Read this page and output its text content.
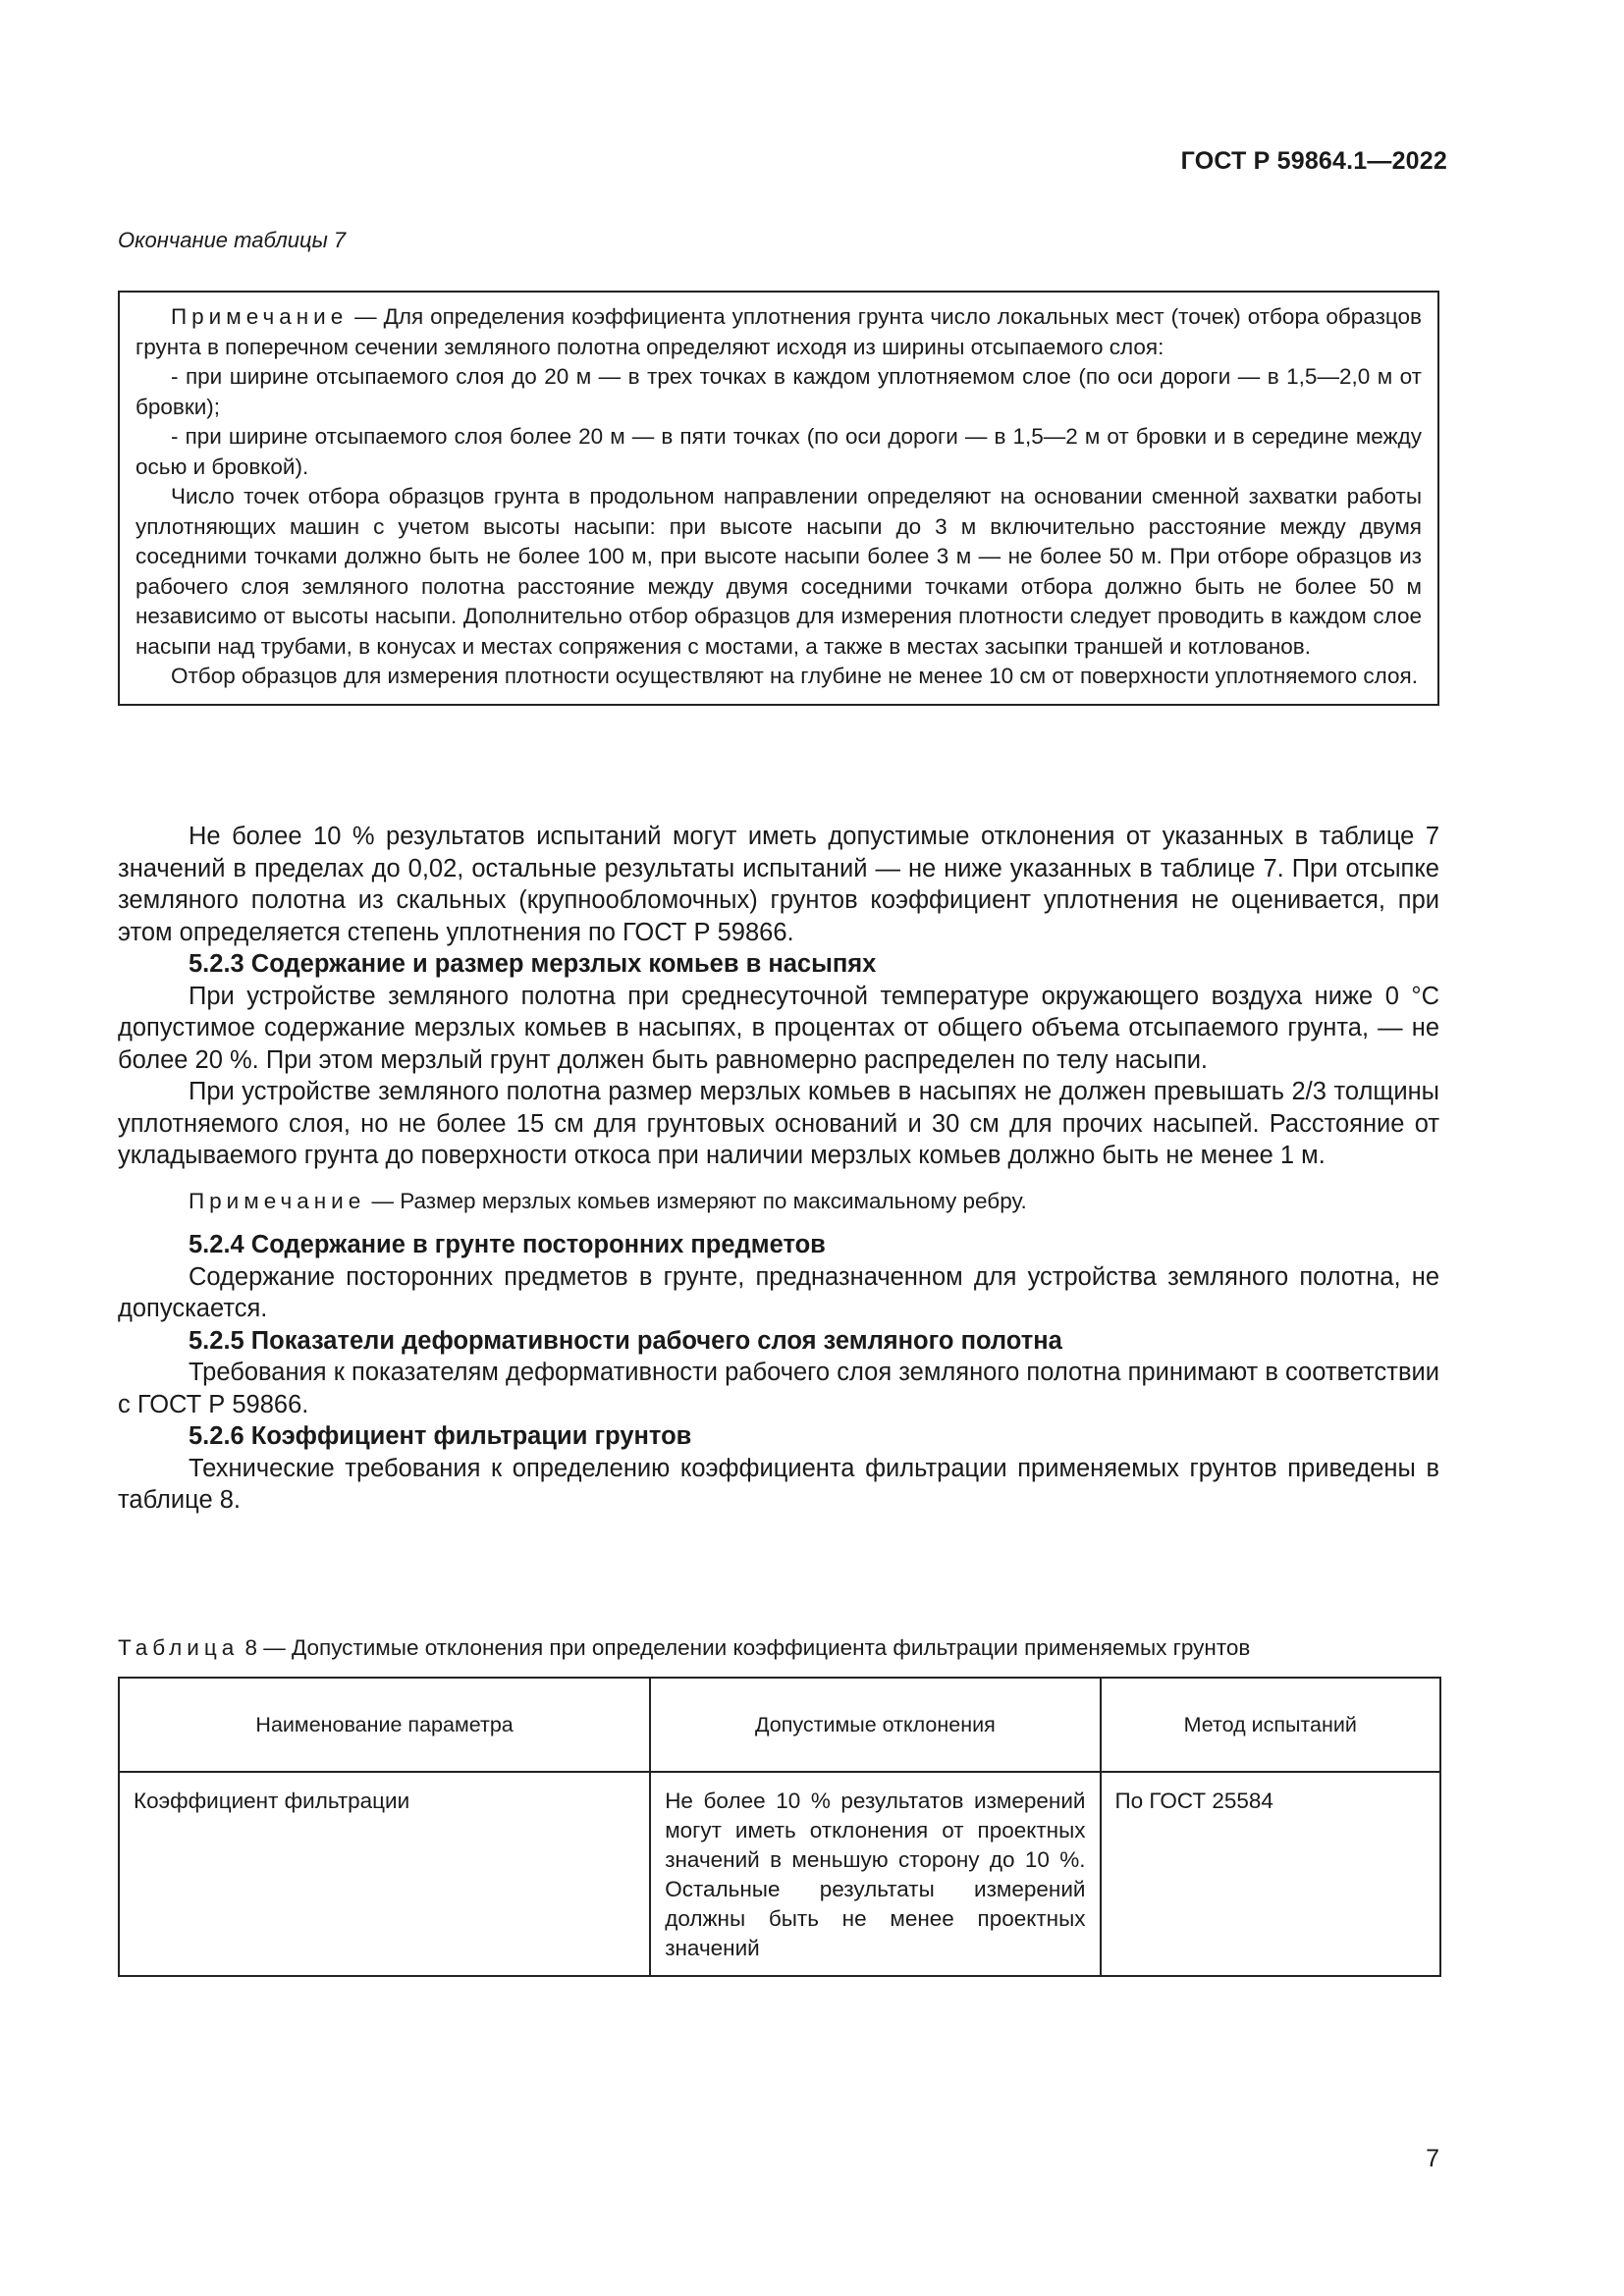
ГОСТ Р 59864.1—2022
Окончание таблицы 7

Примечание — Для определения коэффициента уплотнения грунта число локальных мест (точек) отбора образцов грунта в поперечном сечении земляного полотна определяют исходя из ширины отсыпаемого слоя:

- при ширине отсыпаемого слоя до 20 м — в трех точках в каждом уплотняемом слое (по оси дороги — в 1,5—2,0 м от бровки);

- при ширине отсыпаемого слоя более 20 м — в пяти точках (по оси дороги — в 1,5—2 м от бровки и в середине между осью и бровкой).

Число точек отбора образцов грунта в продольном направлении определяют на основании сменной захватки работы уплотняющих машин с учетом высоты насыпи: при высоте насыпи до 3 м включительно расстояние между двумя соседними точками должно быть не более 100 м, при высоте насыпи более 3 м — не более 50 м. При отборе образцов из рабочего слоя земляного полотна расстояние между двумя соседними точками отбора должно быть не более 50 м независимо от высоты насыпи. Дополнительно отбор образцов для измерения плотности следует проводить в каждом слое насыпи над трубами, в конусах и местах сопряжения с мостами, а также в местах засыпки траншей и котлованов.

Отбор образцов для измерения плотности осуществляют на глубине не менее 10 см от поверхности уплотняемого слоя.

Не более 10 % результатов испытаний могут иметь допустимые отклонения от указанных в таблице 7 значений в пределах до 0,02, остальные результаты испытаний — не ниже указанных в таблице 7. При отсыпке земляного полотна из скальных (крупнообломочных) грунтов коэффициент уплотнения не оценивается, при этом определяется степень уплотнения по ГОСТ Р 59866.

5.2.3 Содержание и размер мерзлых комьев в насыпях

При устройстве земляного полотна при среднесуточной температуре окружающего воздуха ниже 0 °С допустимое содержание мерзлых комьев в насыпях, в процентах от общего объема отсыпаемого грунта, — не более 20 %. При этом мерзлый грунт должен быть равномерно распределен по телу насыпи.

При устройстве земляного полотна размер мерзлых комьев в насыпях не должен превышать 2/3 толщины уплотняемого слоя, но не более 15 см для грунтовых оснований и 30 см для прочих насыпей. Расстояние от укладываемого грунта до поверхности откоса при наличии мерзлых комьев должно быть не менее 1 м.

Примечание — Размер мерзлых комьев измеряют по максимальному ребру.

5.2.4 Содержание в грунте посторонних предметов

Содержание посторонних предметов в грунте, предназначенном для устройства земляного полотна, не допускается.

5.2.5 Показатели деформативности рабочего слоя земляного полотна

Требования к показателям деформативности рабочего слоя земляного полотна принимают в соответствии с ГОСТ Р 59866.

5.2.6 Коэффициент фильтрации грунтов

Технические требования к определению коэффициента фильтрации применяемых грунтов приведены в таблице 8.

Таблица 8 — Допустимые отклонения при определении коэффициента фильтрации применяемых грунтов
Наименование параметра	Допустимые отклонения	Метод испытаний
Коэффициент фильтрации	Не более 10 % результатов измерений могут иметь отклонения от проектных значений в меньшую сторону до 10 %. Остальные результаты измерений должны быть не менее проектных значений	По ГОСТ 25584
7
